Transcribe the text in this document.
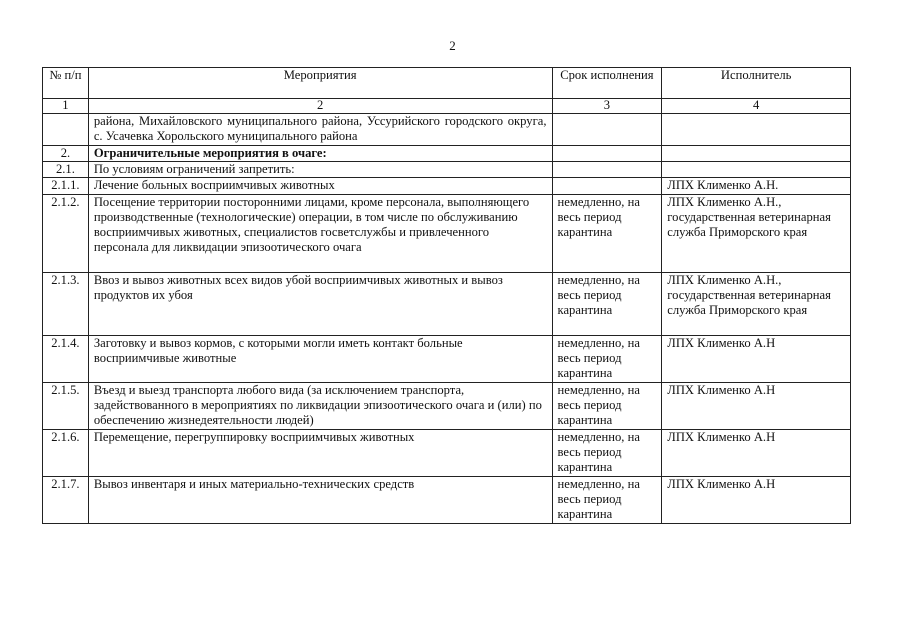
2
№ п/п	Мероприятия	Срок исполнения	Исполнитель
1	2	3	4
	района, Михайловского муниципального района, Уссурийского городского округа, с. Усачевка Хорольского муниципального района		
2.	Ограничительные мероприятия в очаге:		
2.1.	По условиям ограничений запретить:		
2.1.1.	Лечение больных восприимчивых животных		ЛПХ Клименко А.Н.
2.1.2.	Посещение территории посторонними лицами, кроме персонала, выполняющего производственные (технологические) операции, в том числе по обслуживанию восприимчивых животных, специалистов госветслужбы и привлеченного персонала для ликвидации эпизоотического очага	немедленно, на весь период карантина	ЛПХ Клименко А.Н., государственная ветеринарная служба Приморского края
2.1.3.	Ввоз и вывоз животных всех видов убой восприимчивых животных и вывоз продуктов их убоя	немедленно, на весь период карантина	ЛПХ Клименко А.Н., государственная ветеринарная служба Приморского края
2.1.4.	Заготовку и вывоз кормов, с которыми могли иметь контакт больные восприимчивые животные	немедленно, на весь период карантина	ЛПХ Клименко А.Н
2.1.5.	Въезд и выезд транспорта любого вида (за исключением транспорта, задействованного в мероприятиях по ликвидации эпизоотического очага и (или) по обеспечению жизнедеятельности людей)	немедленно, на весь период карантина	ЛПХ Клименко А.Н
2.1.6.	Перемещение, перегруппировку восприимчивых животных	немедленно, на весь период карантина	ЛПХ Клименко А.Н
2.1.7.	Вывоз инвентаря и иных материально-технических средств	немедленно, на весь период карантина	ЛПХ Клименко А.Н
